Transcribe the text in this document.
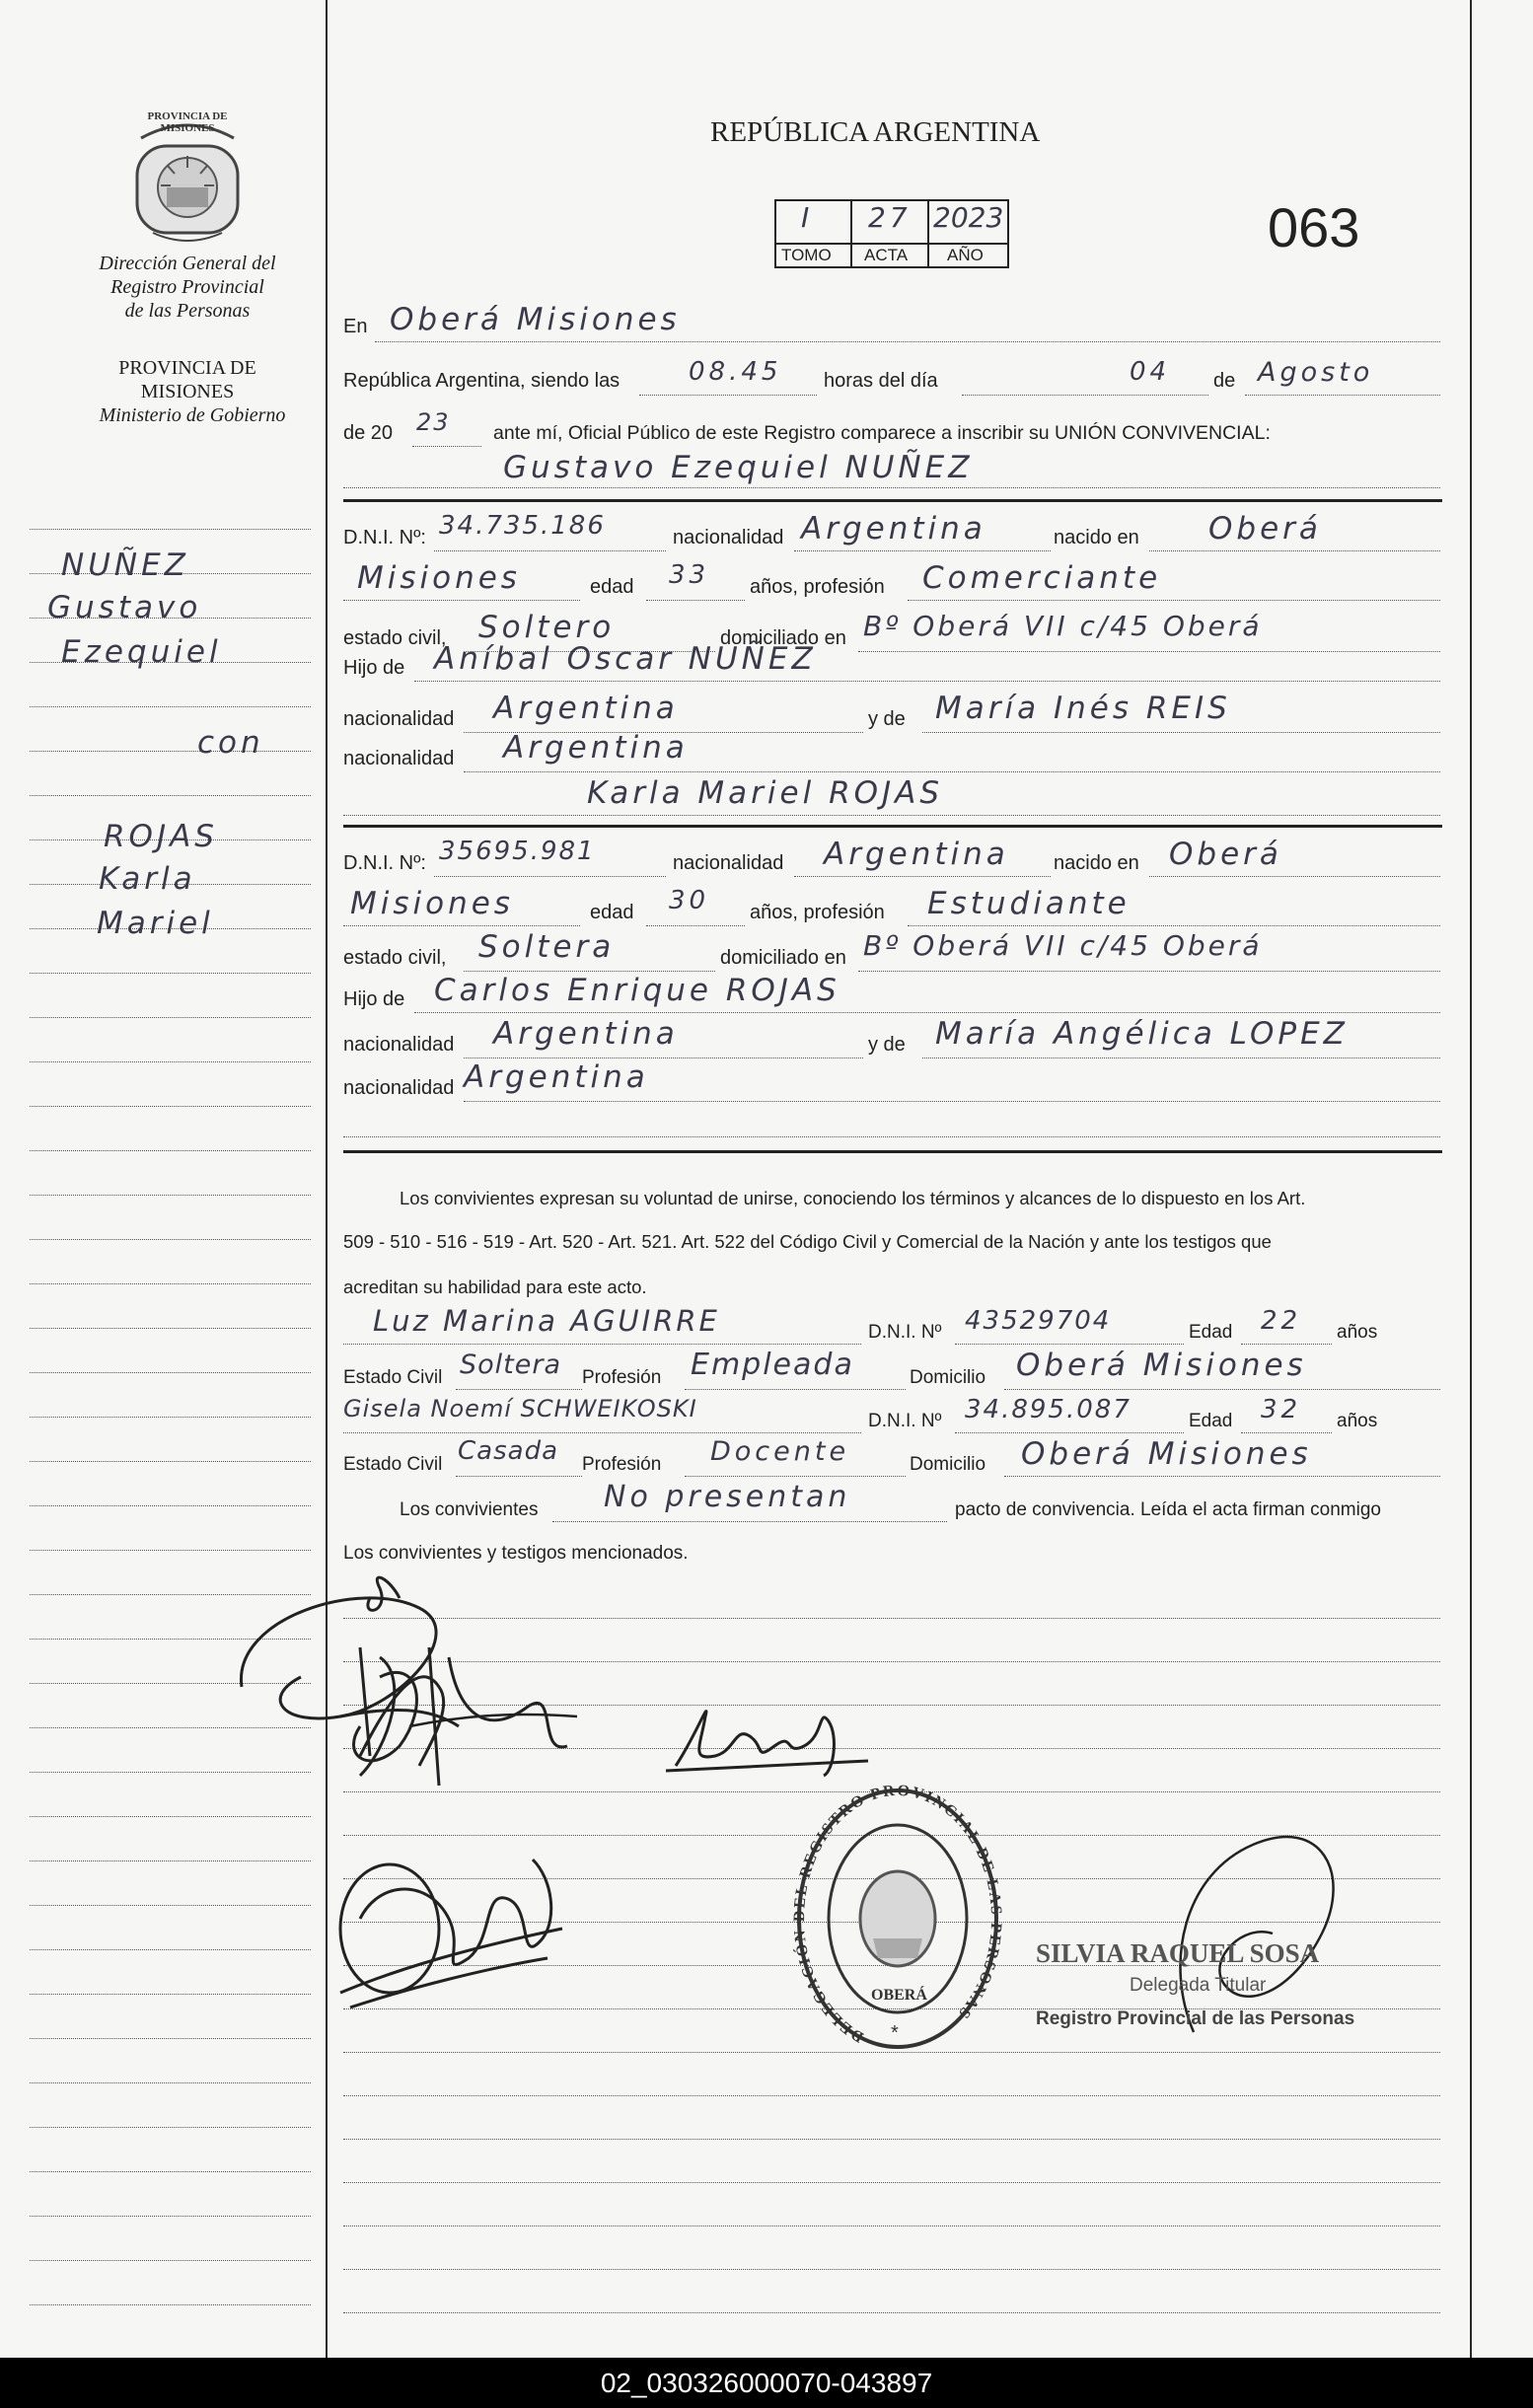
PROVINCIA DE MISIONES
Dirección General del
Registro Provincial
de las Personas
PROVINCIA DE
MISIONES
Ministerio de Gobierno
NUÑEZ
Gustavo
Ezequiel
con
ROJAS
Karla
Mariel
REPÚBLICA ARGENTINA
I 27 2023
TOMO ACTA AÑO	063
En Oberá Misiones
República Argentina, siendo las	08.45 horas del día	04 de Agosto
de 20 23 ante mí, Oficial Público de este Registro comparece a inscribir su UNIÓN CONVIVENCIAL:
Gustavo Ezequiel NUÑEZ
D.N.I. Nº: 34.735.186	nacionalidad Argentina	nacido en Oberá
Misiones	edad 33 años, profesión Comerciante
estado civil, Soltero	domiciliado en Bº Oberá VII c/45 Oberá
Hijo de Aníbal Oscar NUÑEZ
nacionalidad Argentina	y de María Inés REIS
nacionalidad Argentina
Karla Mariel ROJAS
D.N.I. Nº: 35695.981	nacionalidad Argentina nacido en Oberá
Misiones	edad 30 años, profesión Estudiante
estado civil, Soltera	domiciliado en Bº Oberá VII c/45 Oberá
Hijo de Carlos Enrique ROJAS
nacionalidad Argentina	y de María Angélica LOPEZ
nacionalidad Argentina
Los convivientes expresan su voluntad de unirse, conociendo los términos y alcances de lo dispuesto en los Art.
509 - 510 - 516 - 519 - Art. 520 - Art. 521. Art. 522 del Código Civil y Comercial de la Nación y ante los testigos que
acreditan su habilidad para este acto.
Luz Marina AGUIRRE	D.N.I. Nº 43529704	Edad 22 años
Estado Civil Soltera Profesión Empleada	Domicilio Oberá Misiones
Gisela Noemí SCHWEIKOSKI	D.N.I. Nº 34.895.087	Edad 32 años
Estado Civil Casada Profesión Docente	Domicilio Oberá Misiones
Los convivientes No presentan	pacto de convivencia. Leída el acta firman conmigo
Los convivientes y testigos mencionados.
DELEGACIÓN DEL REGISTRO PROVINCIAL DE LAS PERSONAS
OBERÁ
*
SILVIA RAQUEL SOSA
Delegada Titular
Registro Provincial de las Personas
02_030326000070-043897
